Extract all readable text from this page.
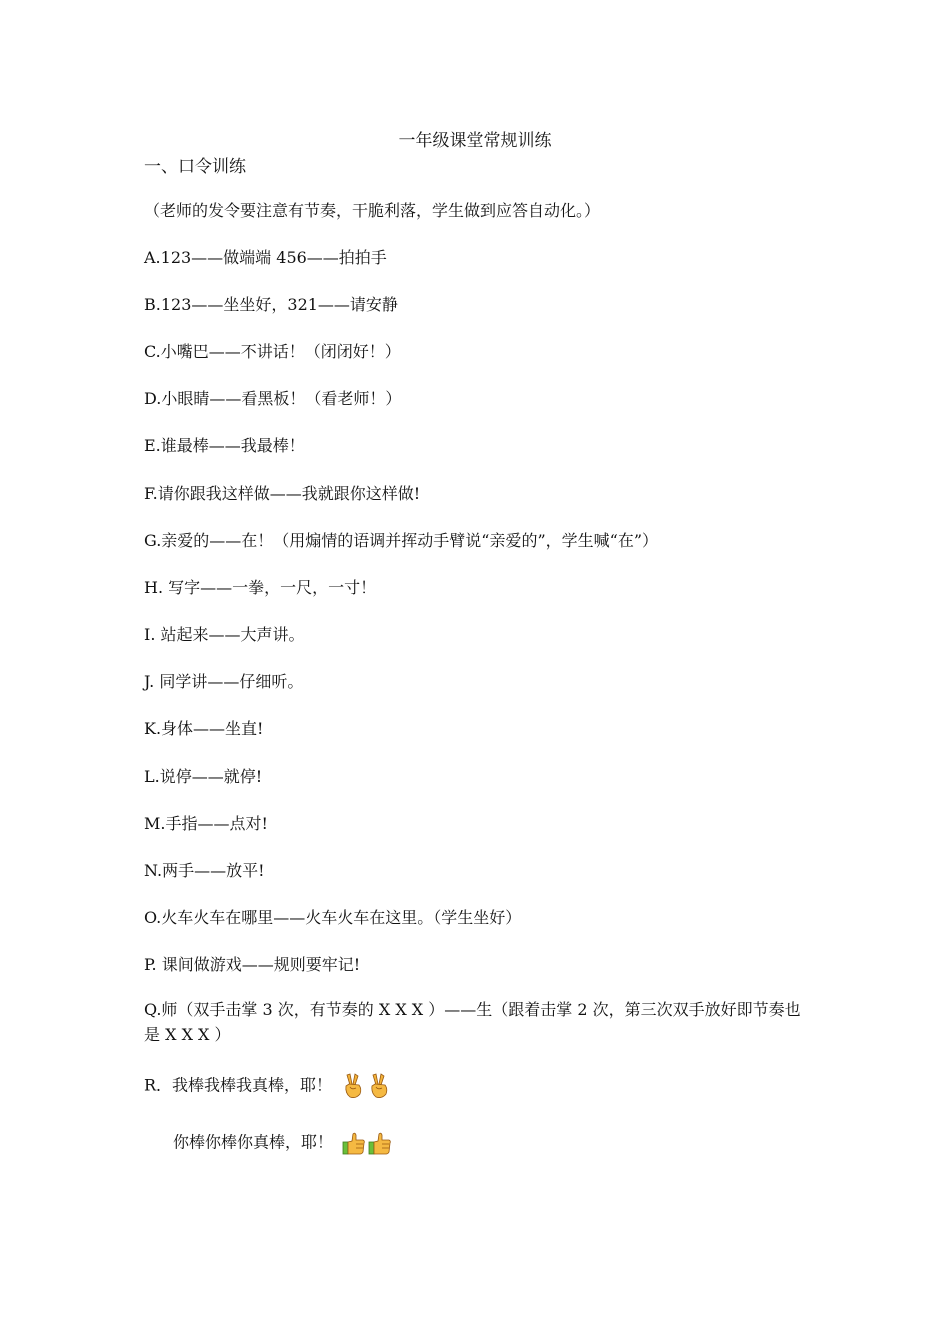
一年级课堂常规训练
一、口令训练

（老师的发令要注意有节奏，干脆利落，学生做到应答自动化。）

A.123——做端端 456——拍拍手

B.123——坐坐好，321——请安静

C.小嘴巴——不讲话！（闭闭好！）

D.小眼睛——看黑板！（看老师！）

E.谁最棒——我最棒！

F.请你跟我这样做——我就跟你这样做!

G.亲爱的——在！（用煽情的语调并挥动手臂说“亲爱的”，学生喊“在”）

H. 写字——一拳，一尺，一寸！

I. 站起来——大声讲。

J. 同学讲——仔细听。

K.身体——坐直!

L.说停——就停!

M.手指——点对!

N.两手——放平!

O.火车火车在哪里——火车火车在这里。（学生坐好）

P. 课间做游戏——规则要牢记!

Q.师（双手击掌 3 次，有节奏的 X X X ）——生（跟着击掌 2 次，第三次双手放好即节奏也是 X X X ）

R．我棒我棒我真棒，耶！
你棒你棒你真棒，耶！
